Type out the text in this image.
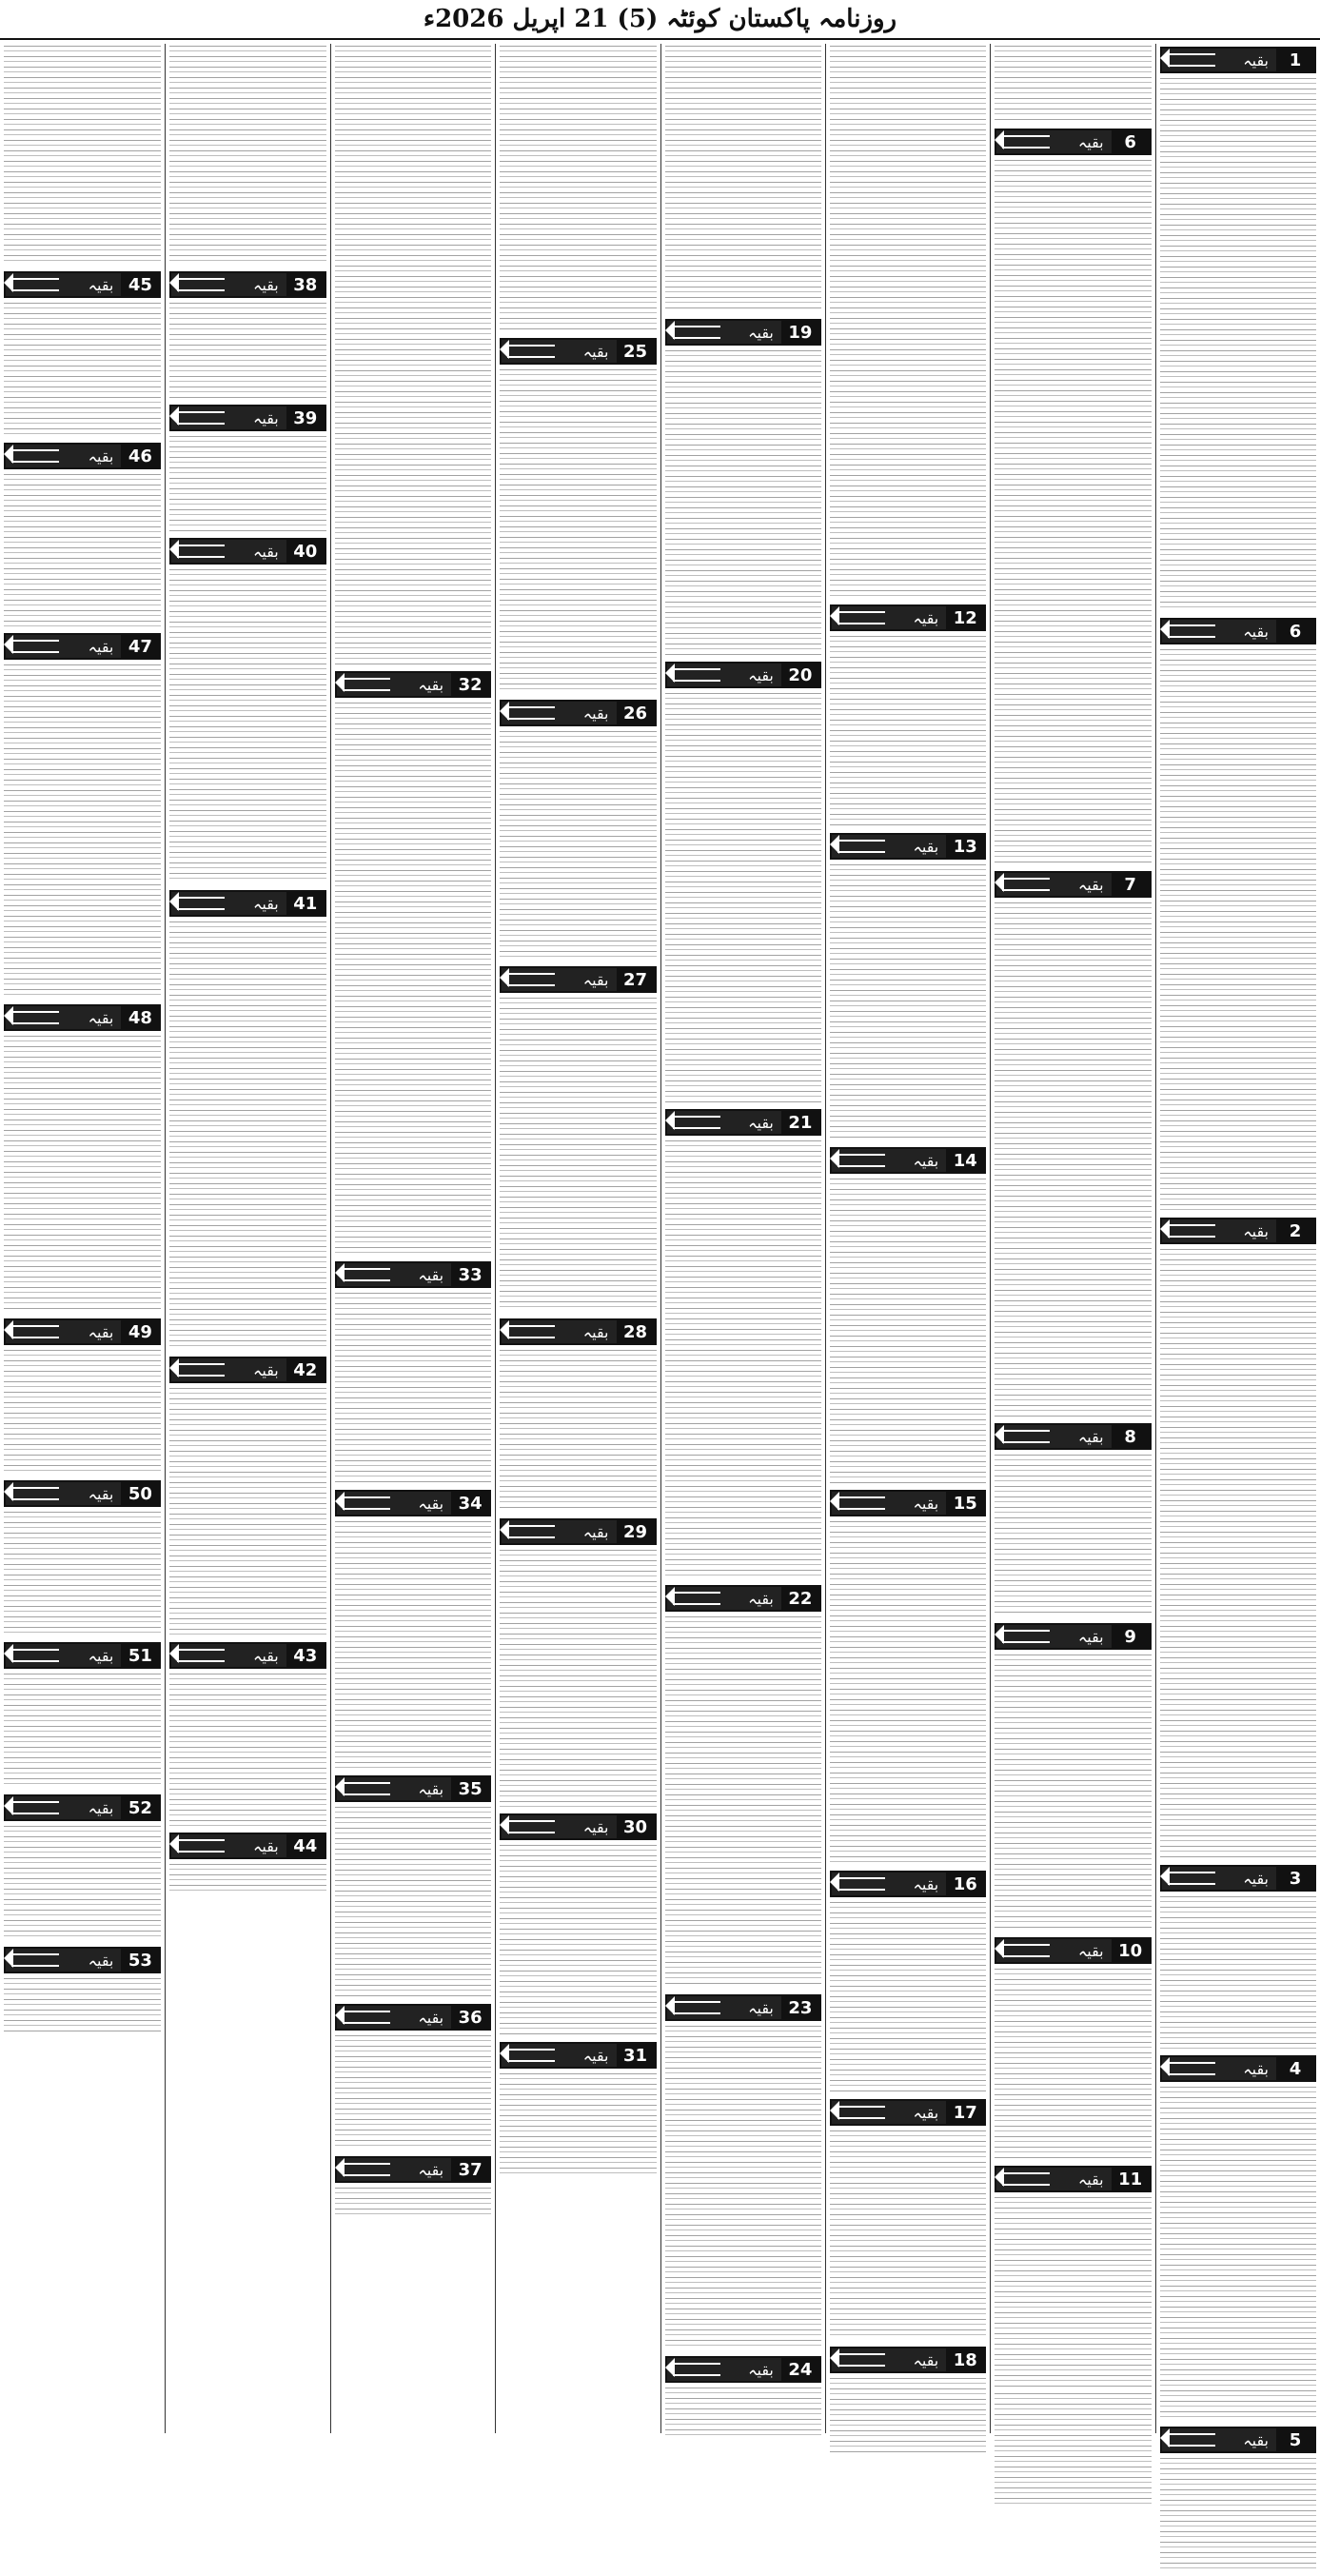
روزنامہ پاکستان کوئٹہ (5) 21 اپریل 2026ء
بقیہ	1
بقیہ	6
بقیہ	2
بقیہ	3
بقیہ	4
بقیہ	5
بقیہ	6
بقیہ	7
بقیہ	8
بقیہ	9
بقیہ 10
بقیہ 11
بقیہ 12
بقیہ 13
بقیہ 14
بقیہ 15
بقیہ 16
بقیہ 17
بقیہ 18
بقیہ 19
بقیہ 20
بقیہ 21
بقیہ 22
بقیہ 23
بقیہ 24
بقیہ 25
بقیہ 26
بقیہ 27
بقیہ 28
بقیہ 29
بقیہ 30
بقیہ 31
بقیہ 32
بقیہ 33
بقیہ 34
بقیہ 35
بقیہ 36
بقیہ 37
بقیہ 38
بقیہ 39
بقیہ 40
بقیہ 41
بقیہ 42
بقیہ 43
بقیہ 44
بقیہ 45
بقیہ 46
بقیہ 47
بقیہ 48
بقیہ 49
بقیہ 50
بقیہ 51
بقیہ 52
بقیہ 53
